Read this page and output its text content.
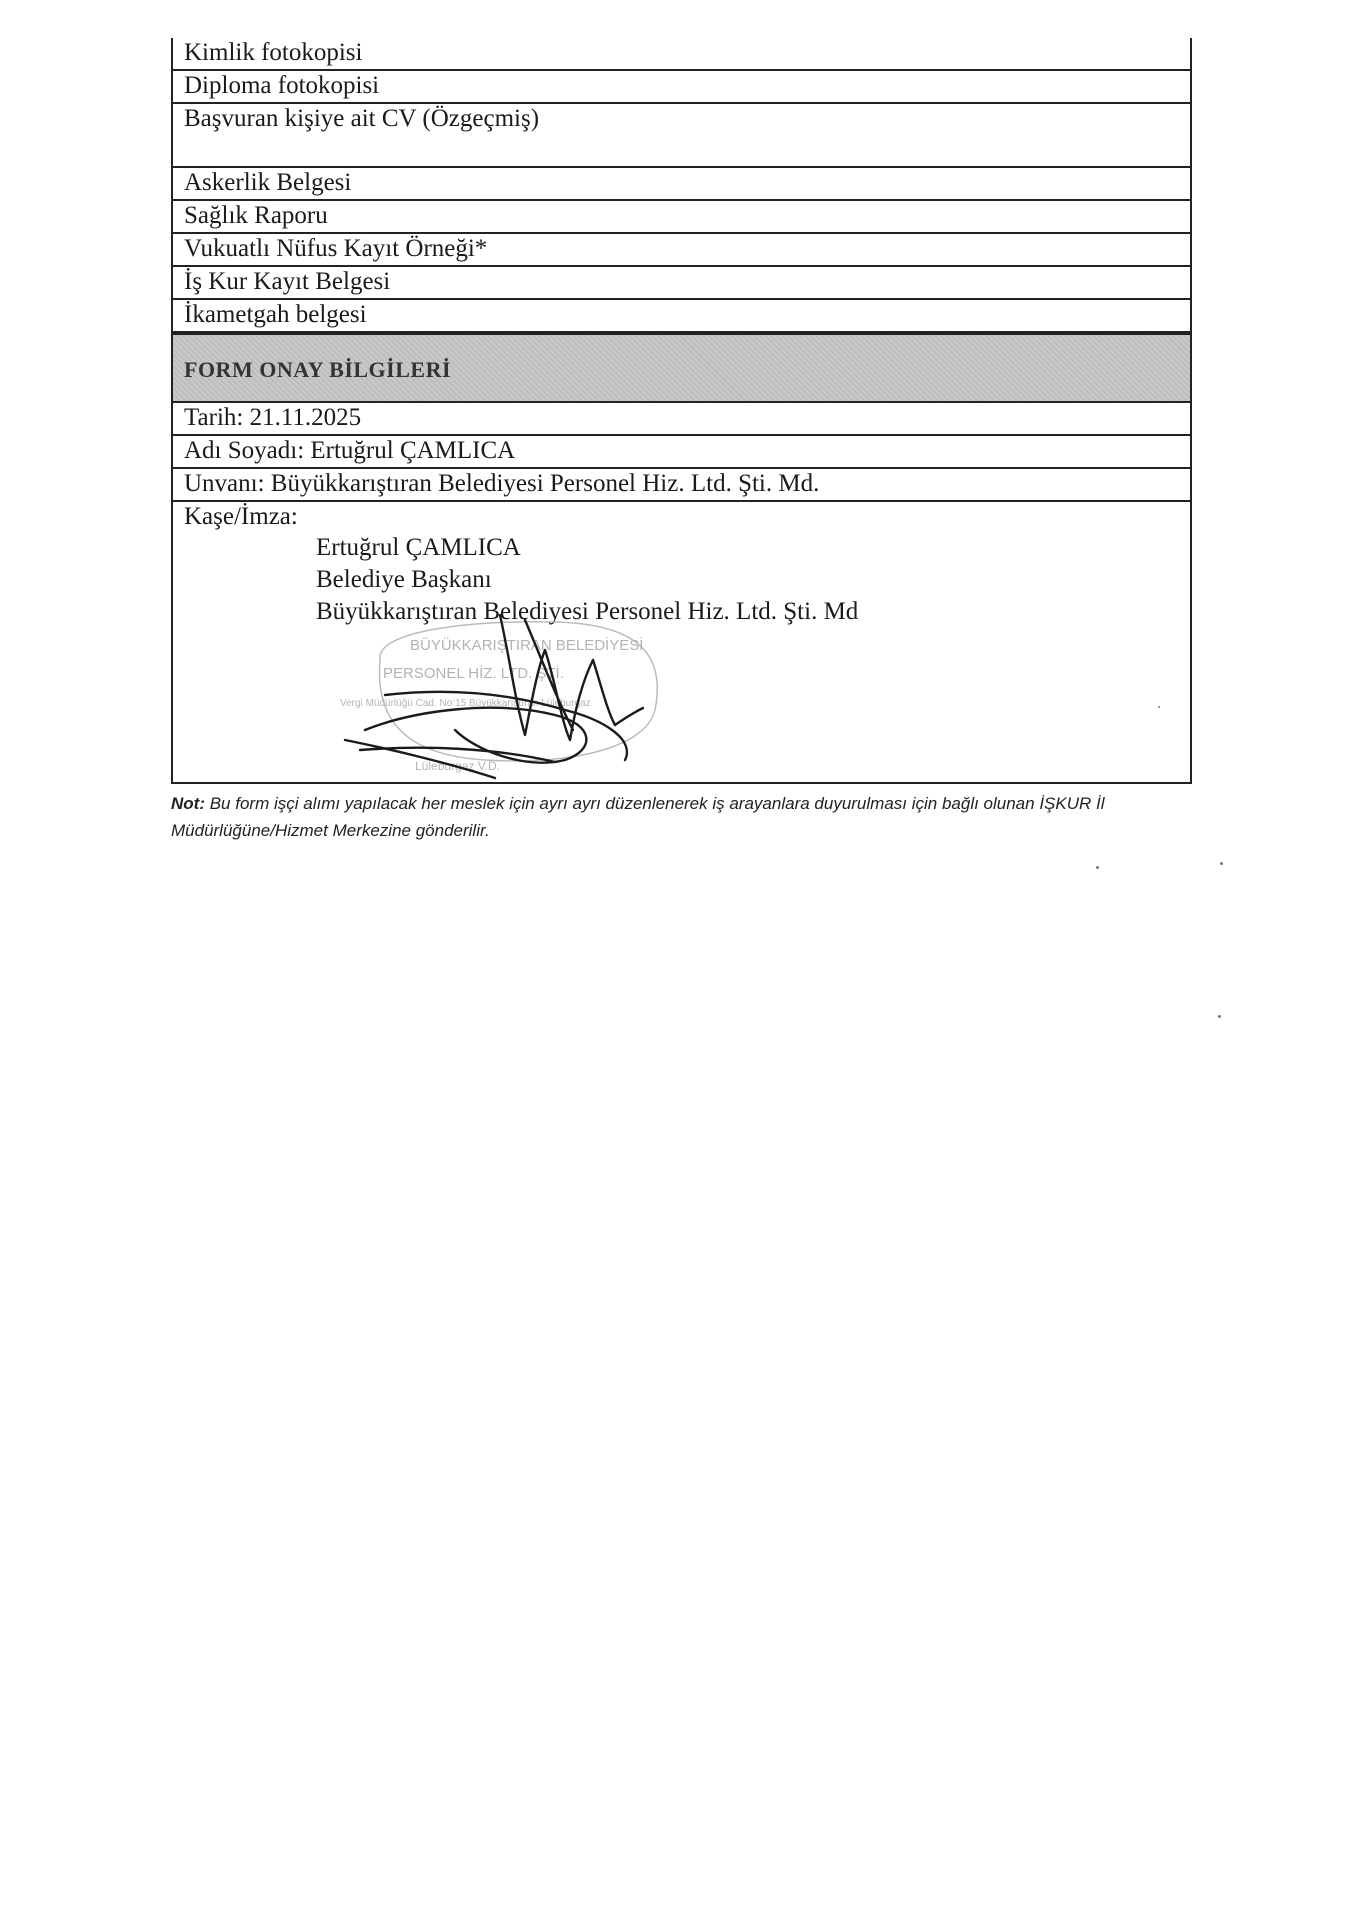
Kimlik fotokopisi
Diploma fotokopisi
Başvuran kişiye ait CV (Özgeçmiş)
Askerlik Belgesi
Sağlık Raporu
Vukuatlı Nüfus Kayıt Örneği*
İş Kur Kayıt Belgesi
İkametgah belgesi
FORM ONAY BİLGİLERİ
Tarih: 21.11.2025
Adı Soyadı: Ertuğrul ÇAMLICA
Unvanı: Büyükkarıştıran Belediyesi Personel Hiz. Ltd. Şti. Md.
Kaşe/İmza:
Ertuğrul ÇAMLICA
Belediye Başkanı
Büyükkarıştıran Belediyesi Personel Hiz. Ltd. Şti. Md
BÜYÜKKARIŞTIRAN BELEDİYESİ
PERSONEL HİZ. LTD. ŞTİ.
Vergi Müdürlüğü Cad. No:15 Büyükkarıştıran Lüleburgaz
Lüleburgaz V.D.
Not: Bu form işçi alımı yapılacak her meslek için ayrı ayrı düzenlenerek iş arayanlara duyurulması için bağlı olunan İŞKUR İl Müdürlüğüne/Hizmet Merkezine gönderilir.
